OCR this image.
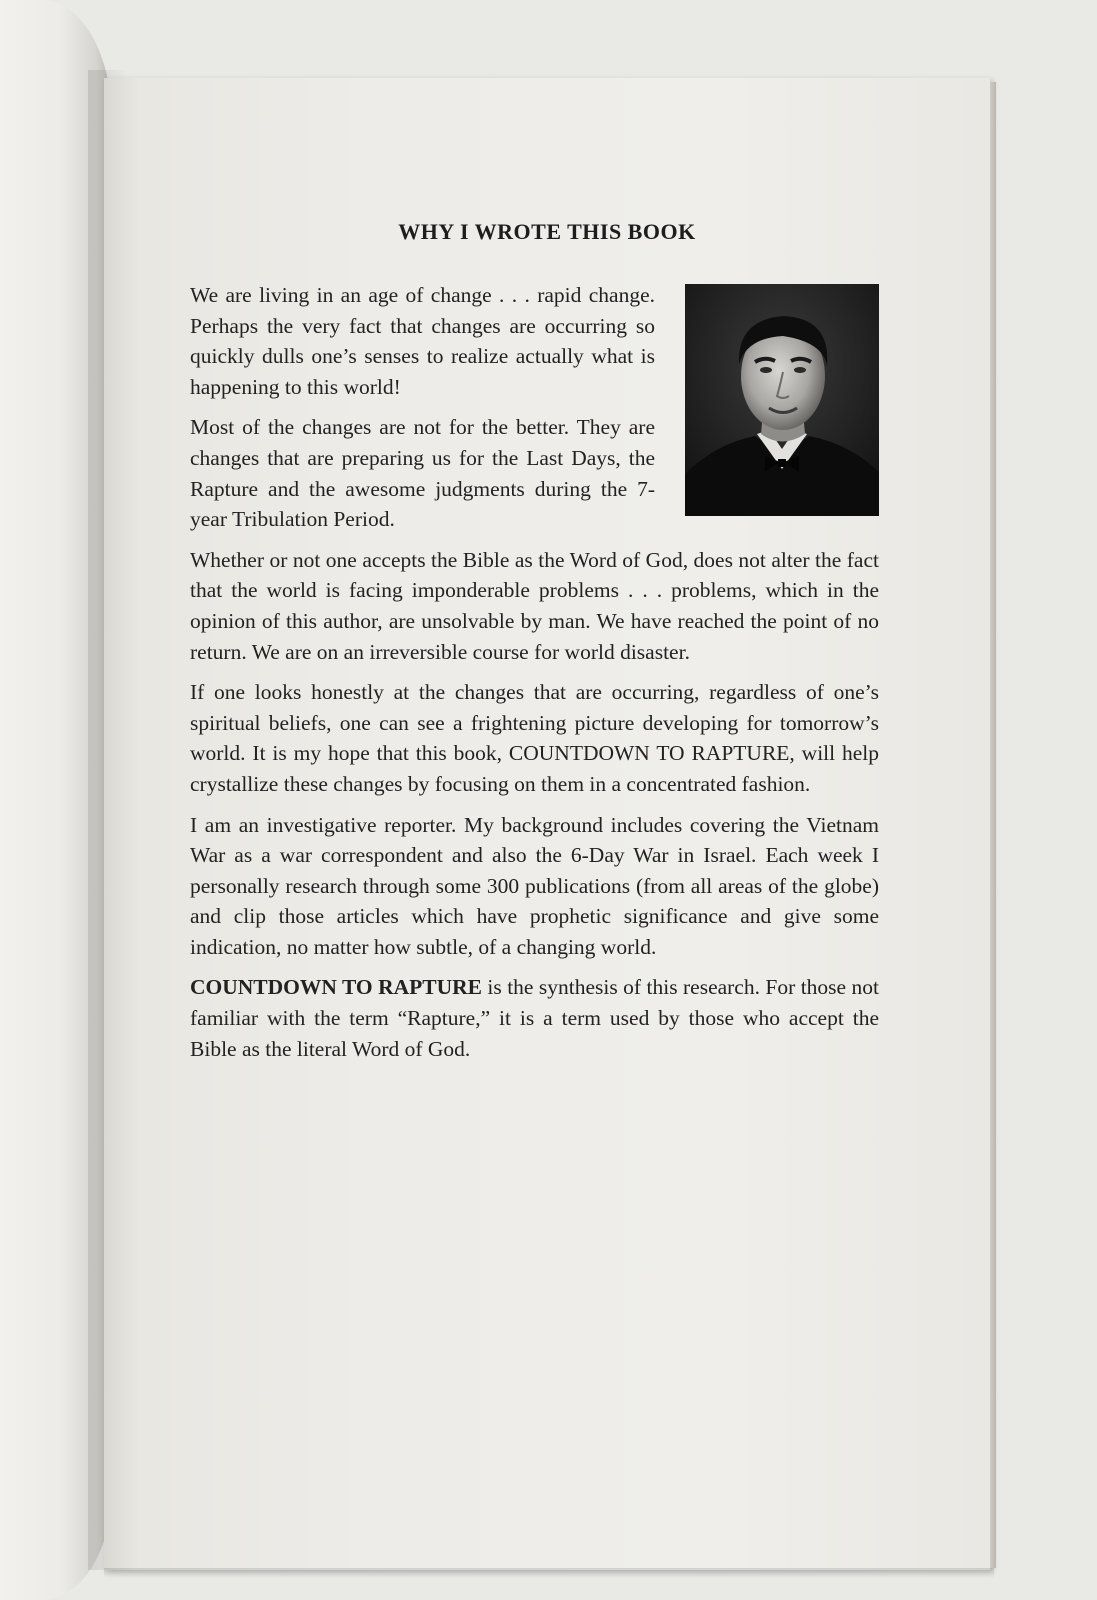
WHY I WROTE THIS BOOK

We are living in an age of change . . . rapid change. Perhaps the very fact that changes are occurring so quickly dulls one’s senses to realize actually what is happening to this world!

Most of the changes are not for the better. They are changes that are preparing us for the Last Days, the Rapture and the awesome judgments during the 7-year Tribulation Period.

Whether or not one accepts the Bible as the Word of God, does not alter the fact that the world is facing imponderable problems . . . problems, which in the opinion of this author, are unsolvable by man. We have reached the point of no return. We are on an irreversible course for world disaster.

If one looks honestly at the changes that are occurring, regardless of one’s spiritual beliefs, one can see a frightening picture developing for tomorrow’s world. It is my hope that this book, COUNTDOWN TO RAPTURE, will help crystallize these changes by focusing on them in a concentrated fashion.

I am an investigative reporter. My background includes covering the Vietnam War as a war correspondent and also the 6-Day War in Israel. Each week I personally research through some 300 publications (from all areas of the globe) and clip those articles which have prophetic significance and give some indication, no matter how subtle, of a changing world.

COUNTDOWN TO RAPTURE is the synthesis of this research. For those not familiar with the term “Rapture,” it is a term used by those who accept the Bible as the literal Word of God.
